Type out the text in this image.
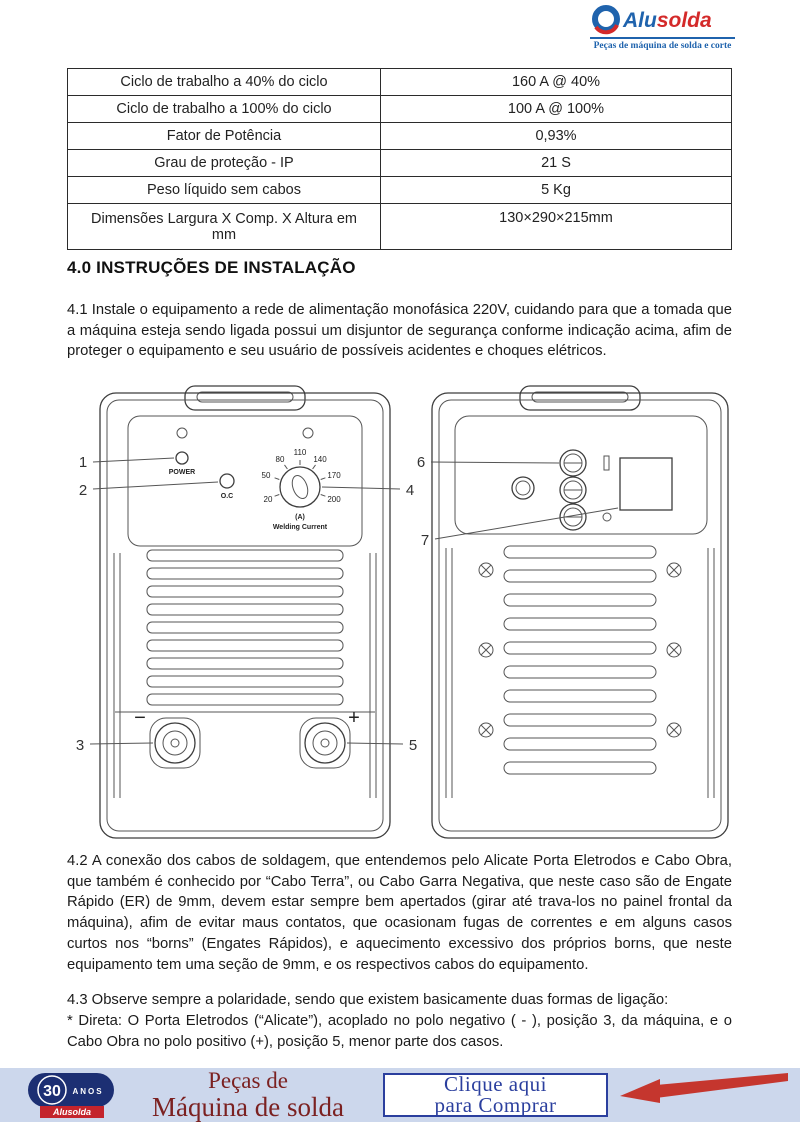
Alusolda
Peças de máquina de solda e corte
Ciclo de trabalho a 40% do ciclo	160 A @ 40%
Ciclo de trabalho a 100% do ciclo	100 A @ 100%
Fator de Potência	0,93%
Grau de proteção - IP	21 S
Peso líquido sem cabos	5 Kg
Dimensões Largura X Comp. X Altura em mm	130×290×215mm
4.0 INSTRUÇÕES DE INSTALAÇÃO
4.1 Instale o equipamento a rede de alimentação monofásica 220V, cuidando para que a tomada que a máquina esteja sendo ligada possui um disjuntor de segurança conforme indicação acima, afim de proteger o equipamento e seu usuário de possíveis acidentes e choques elétricos.
POWER
O.C	20
50
80
110
140
170
200
(A)
Welding Current
−	+
1
2
3
4
5
6
7
4.2 A conexão dos cabos de soldagem, que entendemos pelo Alicate Porta Eletrodos e Cabo Obra, que também é conhecido por “Cabo Terra”, ou Cabo Garra Negativa, que neste caso são de Engate Rápido (ER) de 9mm, devem estar sempre bem apertados (girar até trava-los no painel frontal da máquina), afim de evitar maus contatos, que ocasionam fugas de correntes e em alguns casos curtos nos “borns” (Engates Rápidos), e aquecimento excessivo dos próprios borns, que neste equipamento tem uma seção de 9mm, e os respectivos cabos do equipamento.
4.3 Observe sempre a polaridade, sendo que existem basicamente duas formas de ligação:
* Direta: O Porta Eletrodos (“Alicate”), acoplado no polo negativo ( - ), posição 3, da máquina, e o Cabo Obra no polo positivo (+), posição 5, menor parte dos casos.
30 ANOS
Alusolda
Peças de
Máquina de solda
Clique aqui
para Comprar
